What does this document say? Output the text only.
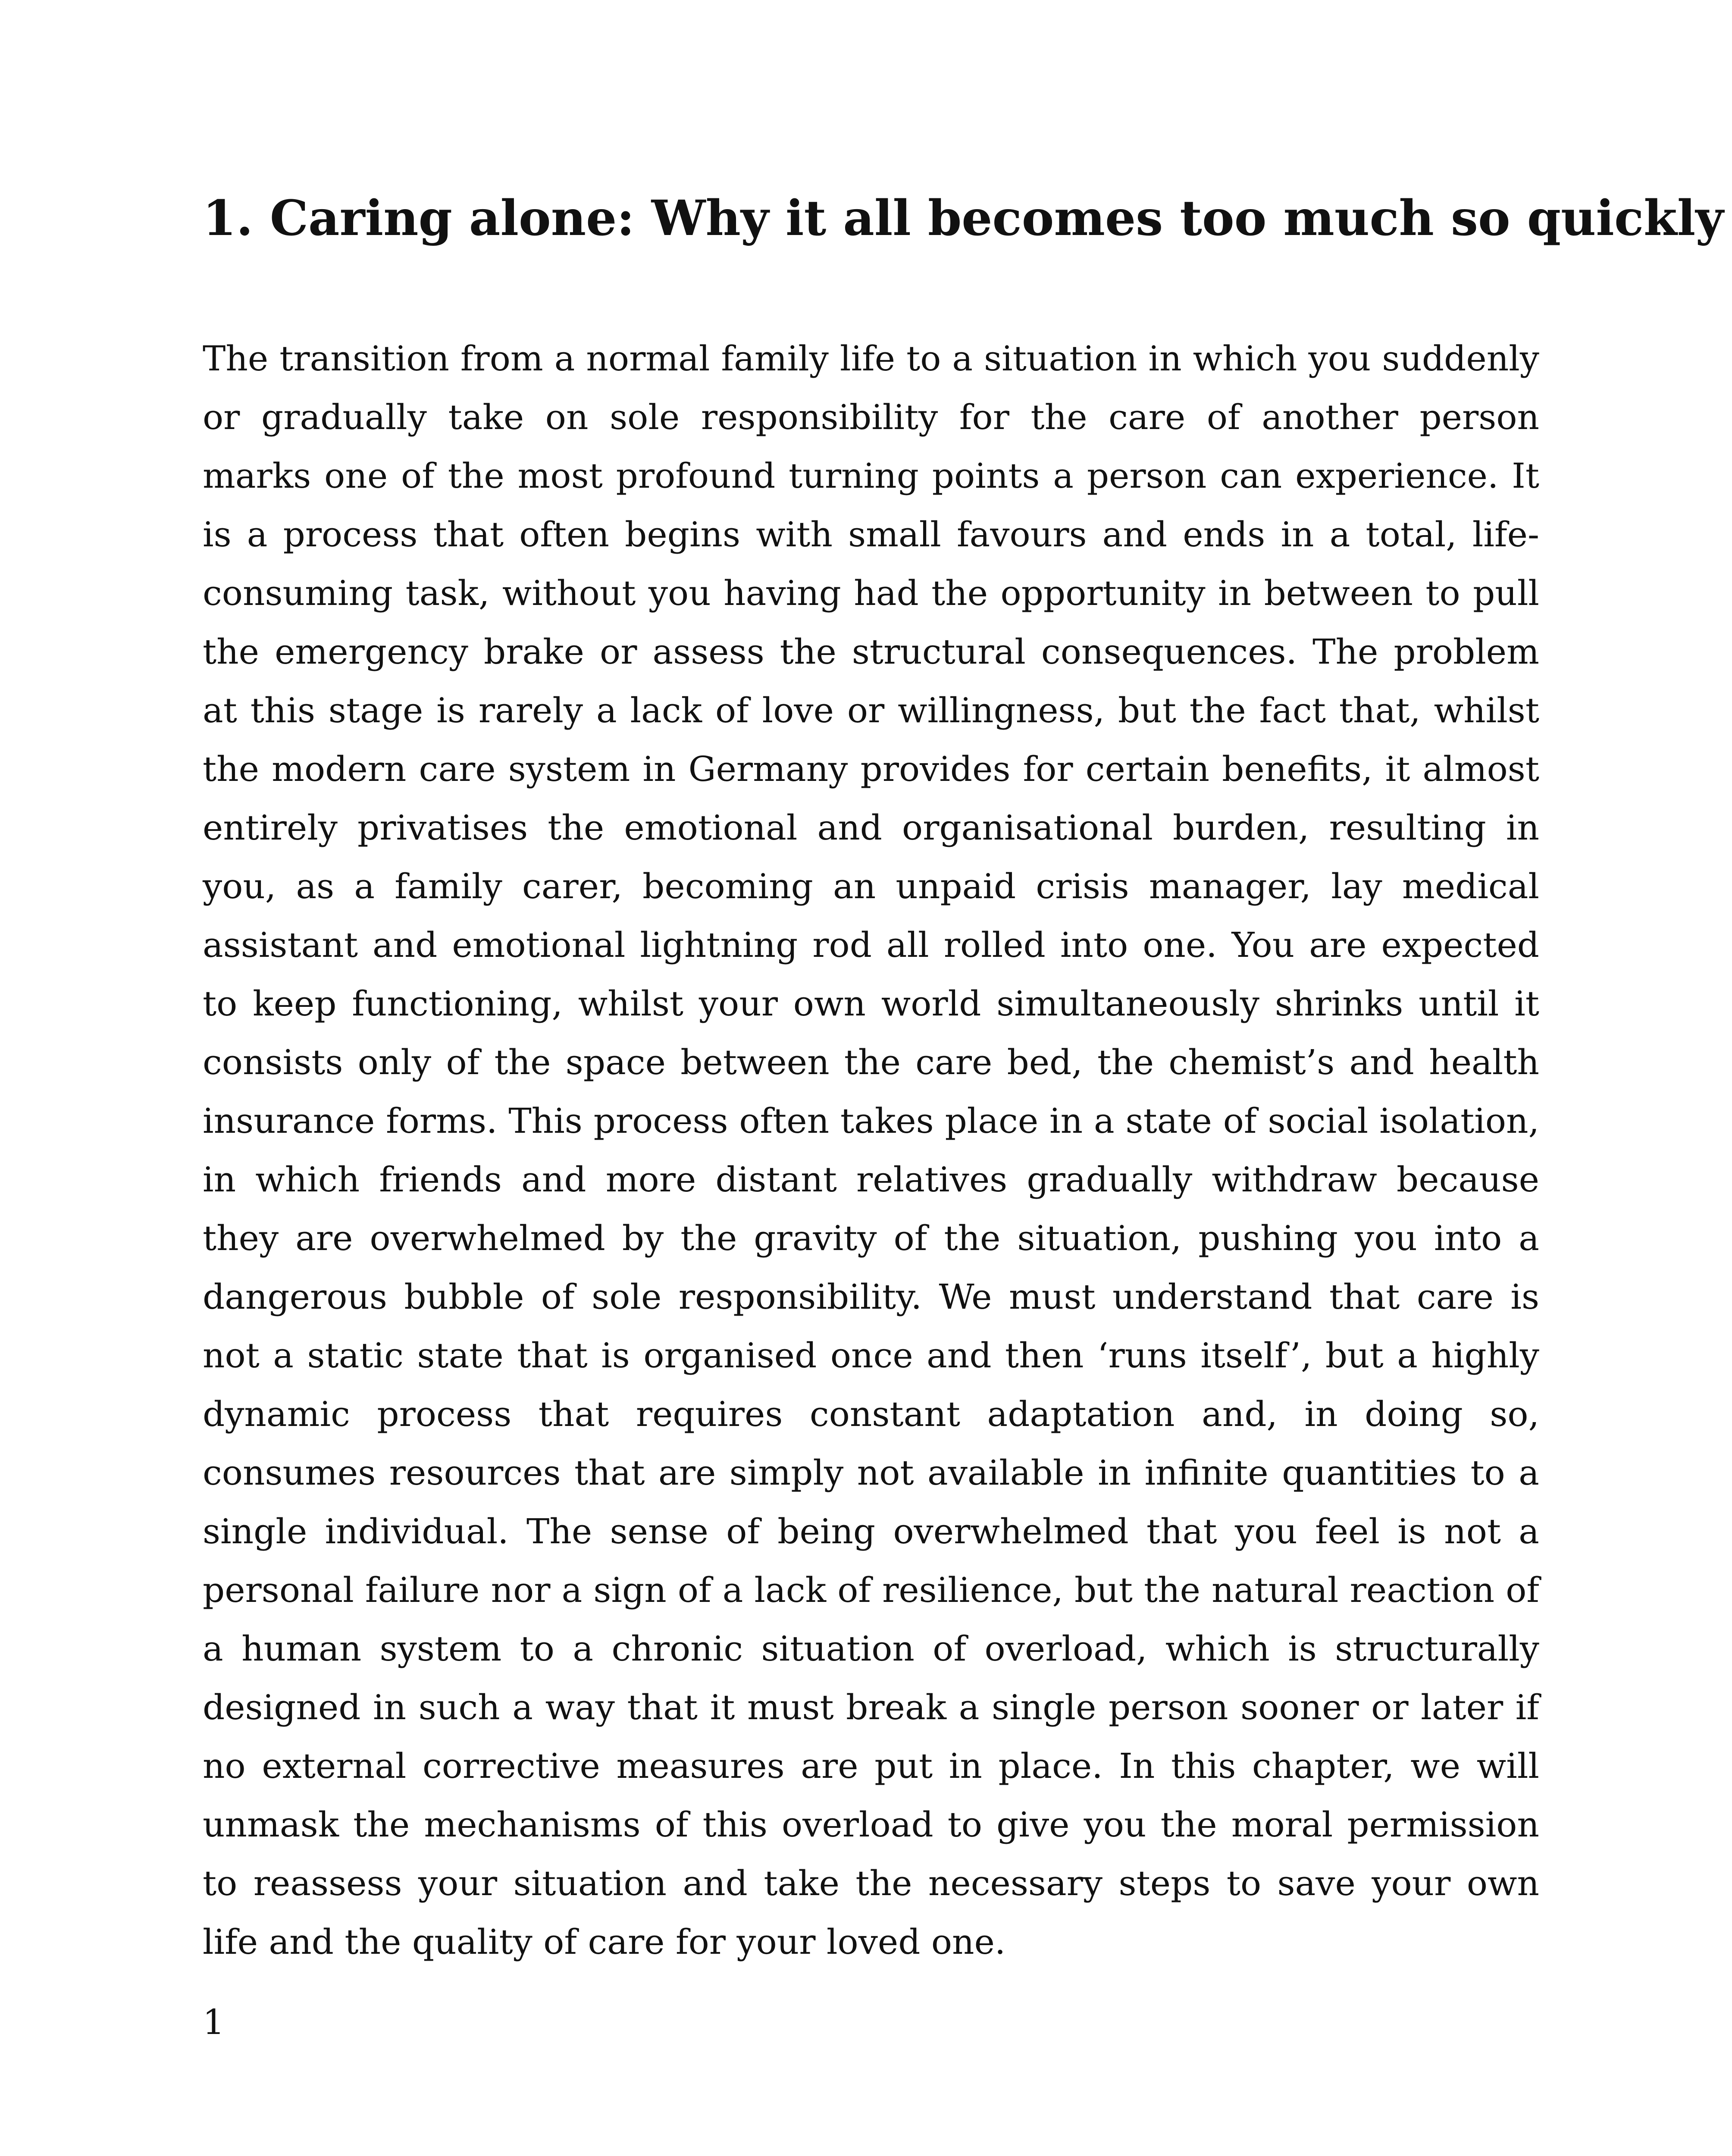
1. Caring alone: Why it all becomes too much so quickly

The transition from a normal family life to a situation in which you suddenly or gradually take on sole responsibility for the care of another person marks one of the most profound turning points a person can experience. It is a process that often begins with small favours and ends in a total, life-consuming task, without you having had the opportunity in between to pull the emergency brake or assess the structural consequences. The problem at this stage is rarely a lack of love or willingness, but the fact that, whilst the modern care system in Germany provides for certain benefits, it almost entirely privatises the emotional and organisational burden, resulting in you, as a family carer, becoming an unpaid crisis manager, lay medical assistant and emotional lightning rod all rolled into one. You are expected to keep functioning, whilst your own world simultaneously shrinks until it consists only of the space between the care bed, the chemist’s and health insurance forms. This process often takes place in a state of social isolation, in which friends and more distant relatives gradually withdraw because they are overwhelmed by the gravity of the situation, pushing you into a dangerous bubble of sole responsibility. We must understand that care is not a static state that is organised once and then ‘runs itself’, but a highly dynamic process that requires constant adaptation and, in doing so, consumes resources that are simply not available in infinite quantities to a single individual. The sense of being overwhelmed that you feel is not a personal failure nor a sign of a lack of resilience, but the natural reaction of a human system to a chronic situation of overload, which is structurally designed in such a way that it must break a single person sooner or later if no external corrective measures are put in place. In this chapter, we will unmask the mechanisms of this overload to give you the moral permission to reassess your situation and take the necessary steps to save your own life and the quality of care for your loved one.

1
